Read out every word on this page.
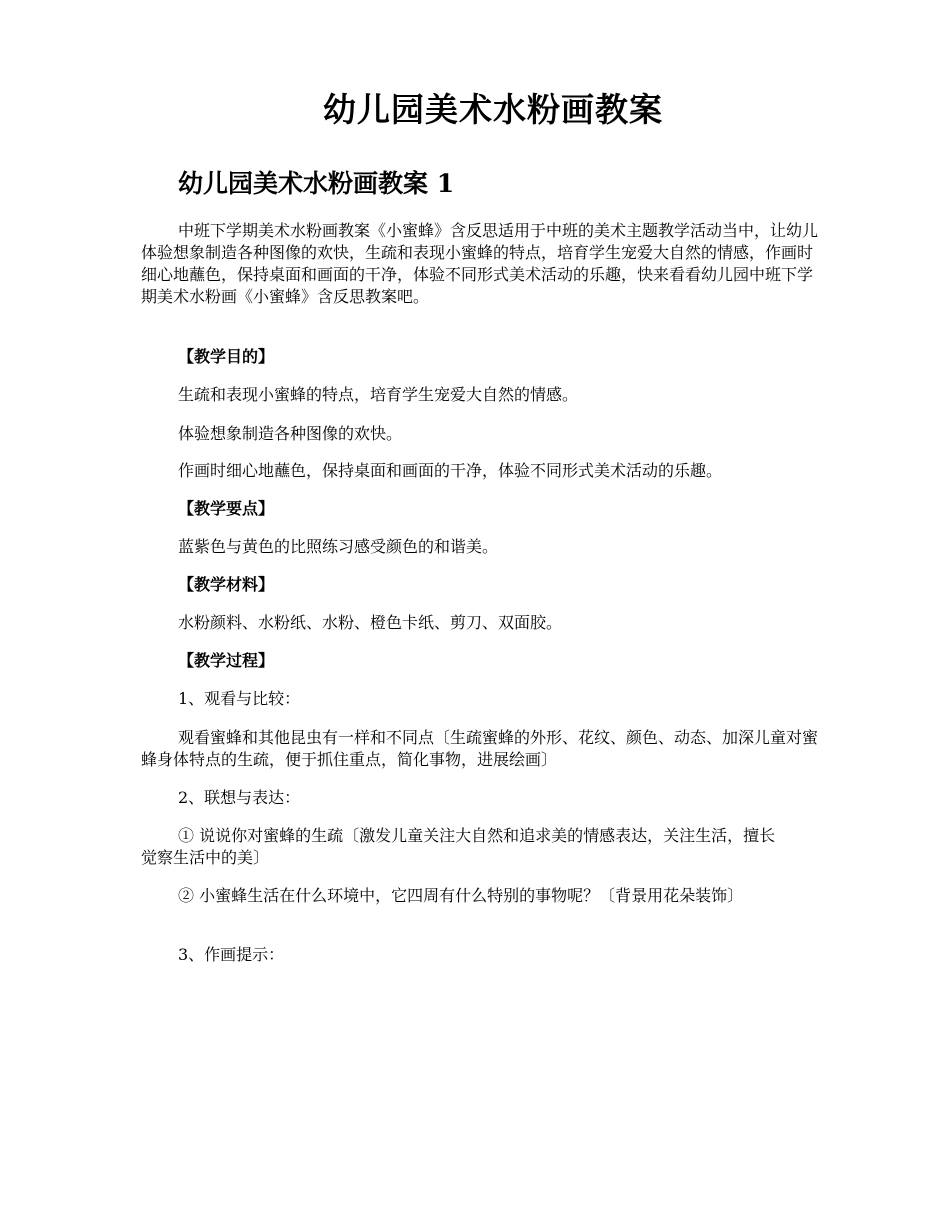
幼儿园美术水粉画教案
幼儿园美术水粉画教案 1

中班下学期美术水粉画教案《小蜜蜂》含反思适用于中班的美术主题教学活动当中，让幼儿 体验想象制造各种图像的欢快，生疏和表现小蜜蜂的特点，培育学生宠爱大自然的情感，作画时细心地蘸色，保持桌面和画面的干净，体验不同形式美术活动的乐趣，快来看看幼儿园中班下学期美术水粉画《小蜜蜂》含反思教案吧。

【教学目的】

生疏和表现小蜜蜂的特点，培育学生宠爱大自然的情感。

体验想象制造各种图像的欢快。

作画时细心地蘸色，保持桌面和画面的干净，体验不同形式美术活动的乐趣。

【教学要点】

蓝紫色与黄色的比照练习感受颜色的和谐美。

【教学材料】

水粉颜料、水粉纸、水粉、橙色卡纸、剪刀、双面胶。

【教学过程】

1、观看与比较：

观看蜜蜂和其他昆虫有一样和不同点〔生疏蜜蜂的外形、花纹、颜色、动态、加深儿童对蜜蜂身体特点的生疏，便于抓住重点，简化事物，进展绘画〕

2、联想与表达：

① 说说你对蜜蜂的生疏〔激发儿童关注大自然和追求美的情感表达，关注生活，擅长觉察生活中的美〕

② 小蜜蜂生活在什么环境中，它四周有什么特别的事物呢？〔背景用花朵装饰〕

3、作画提示：
